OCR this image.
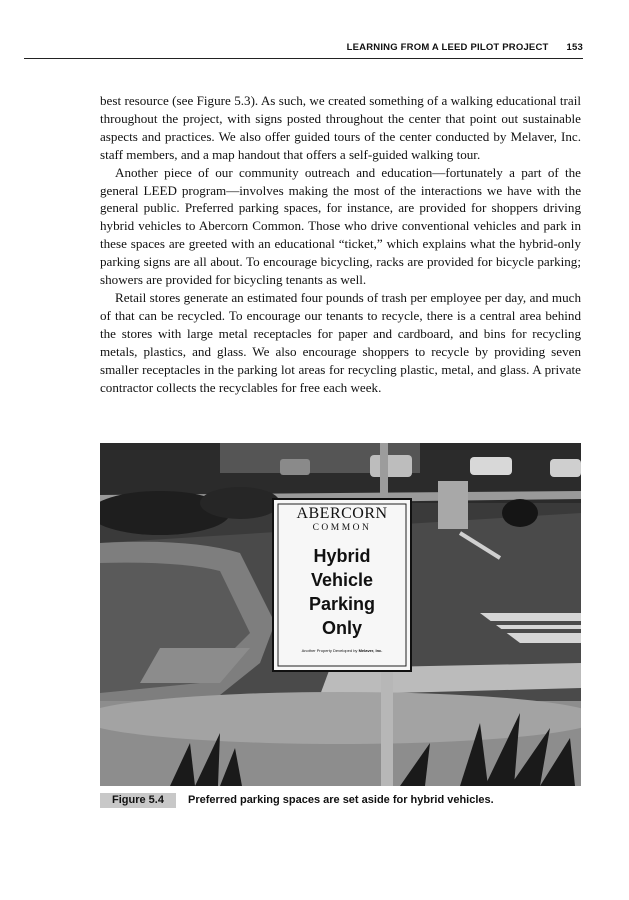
LEARNING FROM A LEED PILOT PROJECT 153

best resource (see Figure 5.3). As such, we created something of a walking educational trail throughout the project, with signs posted throughout the center that point out sustainable aspects and practices. We also offer guided tours of the center conducted by Melaver, Inc. staff members, and a map handout that offers a self-guided walking tour.

Another piece of our community outreach and education—fortunately a part of the general LEED program—involves making the most of the interactions we have with the general public. Preferred parking spaces, for instance, are provided for shoppers driving hybrid vehicles to Abercorn Common. Those who drive conventional vehicles and park in these spaces are greeted with an educational “ticket,” which explains what the hybrid-only parking signs are all about. To encourage bicycling, racks are provided for bicycle parking; showers are provided for bicycling tenants as well.

Retail stores generate an estimated four pounds of trash per employee per day, and much of that can be recycled. To encourage our tenants to recycle, there is a central area behind the stores with large metal receptacles for paper and cardboard, and bins for recycling metals, plastics, and glass. We also encourage shoppers to recycle by providing seven smaller receptacles in the parking lot areas for recycling plastic, metal, and glass. A private contractor collects the recyclables for free each week.

ABERCORN
COMMON
Hybrid
Vehicle
Parking
Only
Another Property Developed by Melaver, Inc.
Figure 5.4	Preferred parking spaces are set aside for hybrid vehicles.
